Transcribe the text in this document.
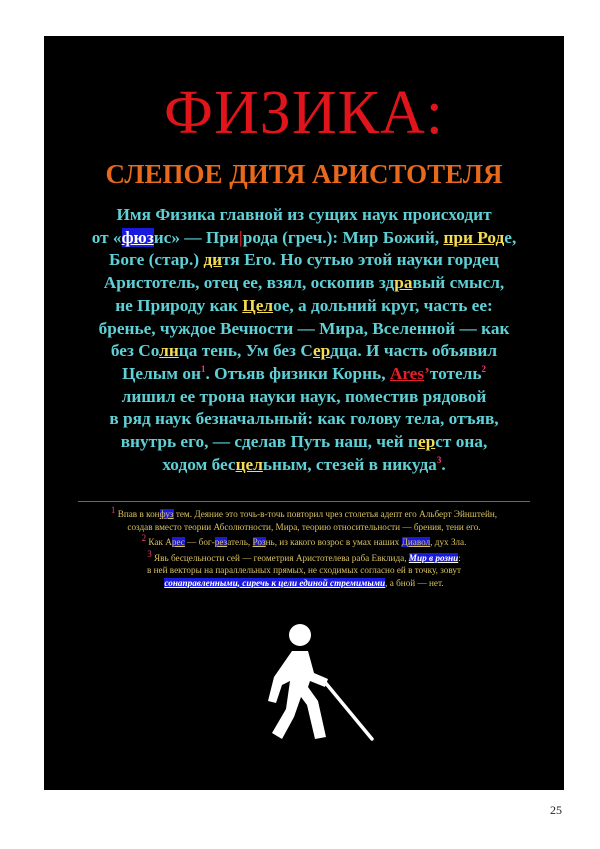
ФИЗИКА:
СЛЕПОЕ ДИТЯ АРИСТОТЕЛЯ
Имя Физика главной из сущих наук происходит
от «фюзис» — При|рода (греч.): Мир Божий, при Роде,
Боге (стар.) дитя Его. Но сутью этой науки гордец
Аристотель, отец ее, взял, оскопив здравый смысл,
не Природу как Целое, а дольний круг, часть ее:
бренье, чуждое Вечности — Мира, Вселенной — как
без Солнца тень, Ум без Сердца. И часть объявил
Целым $он^1$. Отъяв физики Корнь, Ares’тотель$^2$
лишил ее трона науки наук, поместив рядовой
в ряд наук безначальный: как голову тела, отъяв,
внутрь его, — сделав Путь наш, чей перст она,
ходом бесцельным, стезей в никуда$^3$.
1 Впав в конфуз тем. Деяние это точь-в-точь повторил чрез столетья адепт его Альберт Эйнштейн,
создав вместо теории Абсолютности, Мира, теорию относительности — брения, тени его.
2 Как Арес — бог-резатель, Рознь, из какого возрос в умах наших Диавол, дух Зла.
3 Явь бесцельности сей — геометрия Аристотелева раба Евклида, Мир в розни:
в ней векторы на параллельных прямых, не сходимых согласно ей в точку, зовут
сонаправленными, сиречь к цели единой стремимыми, а бной — нет.
25
